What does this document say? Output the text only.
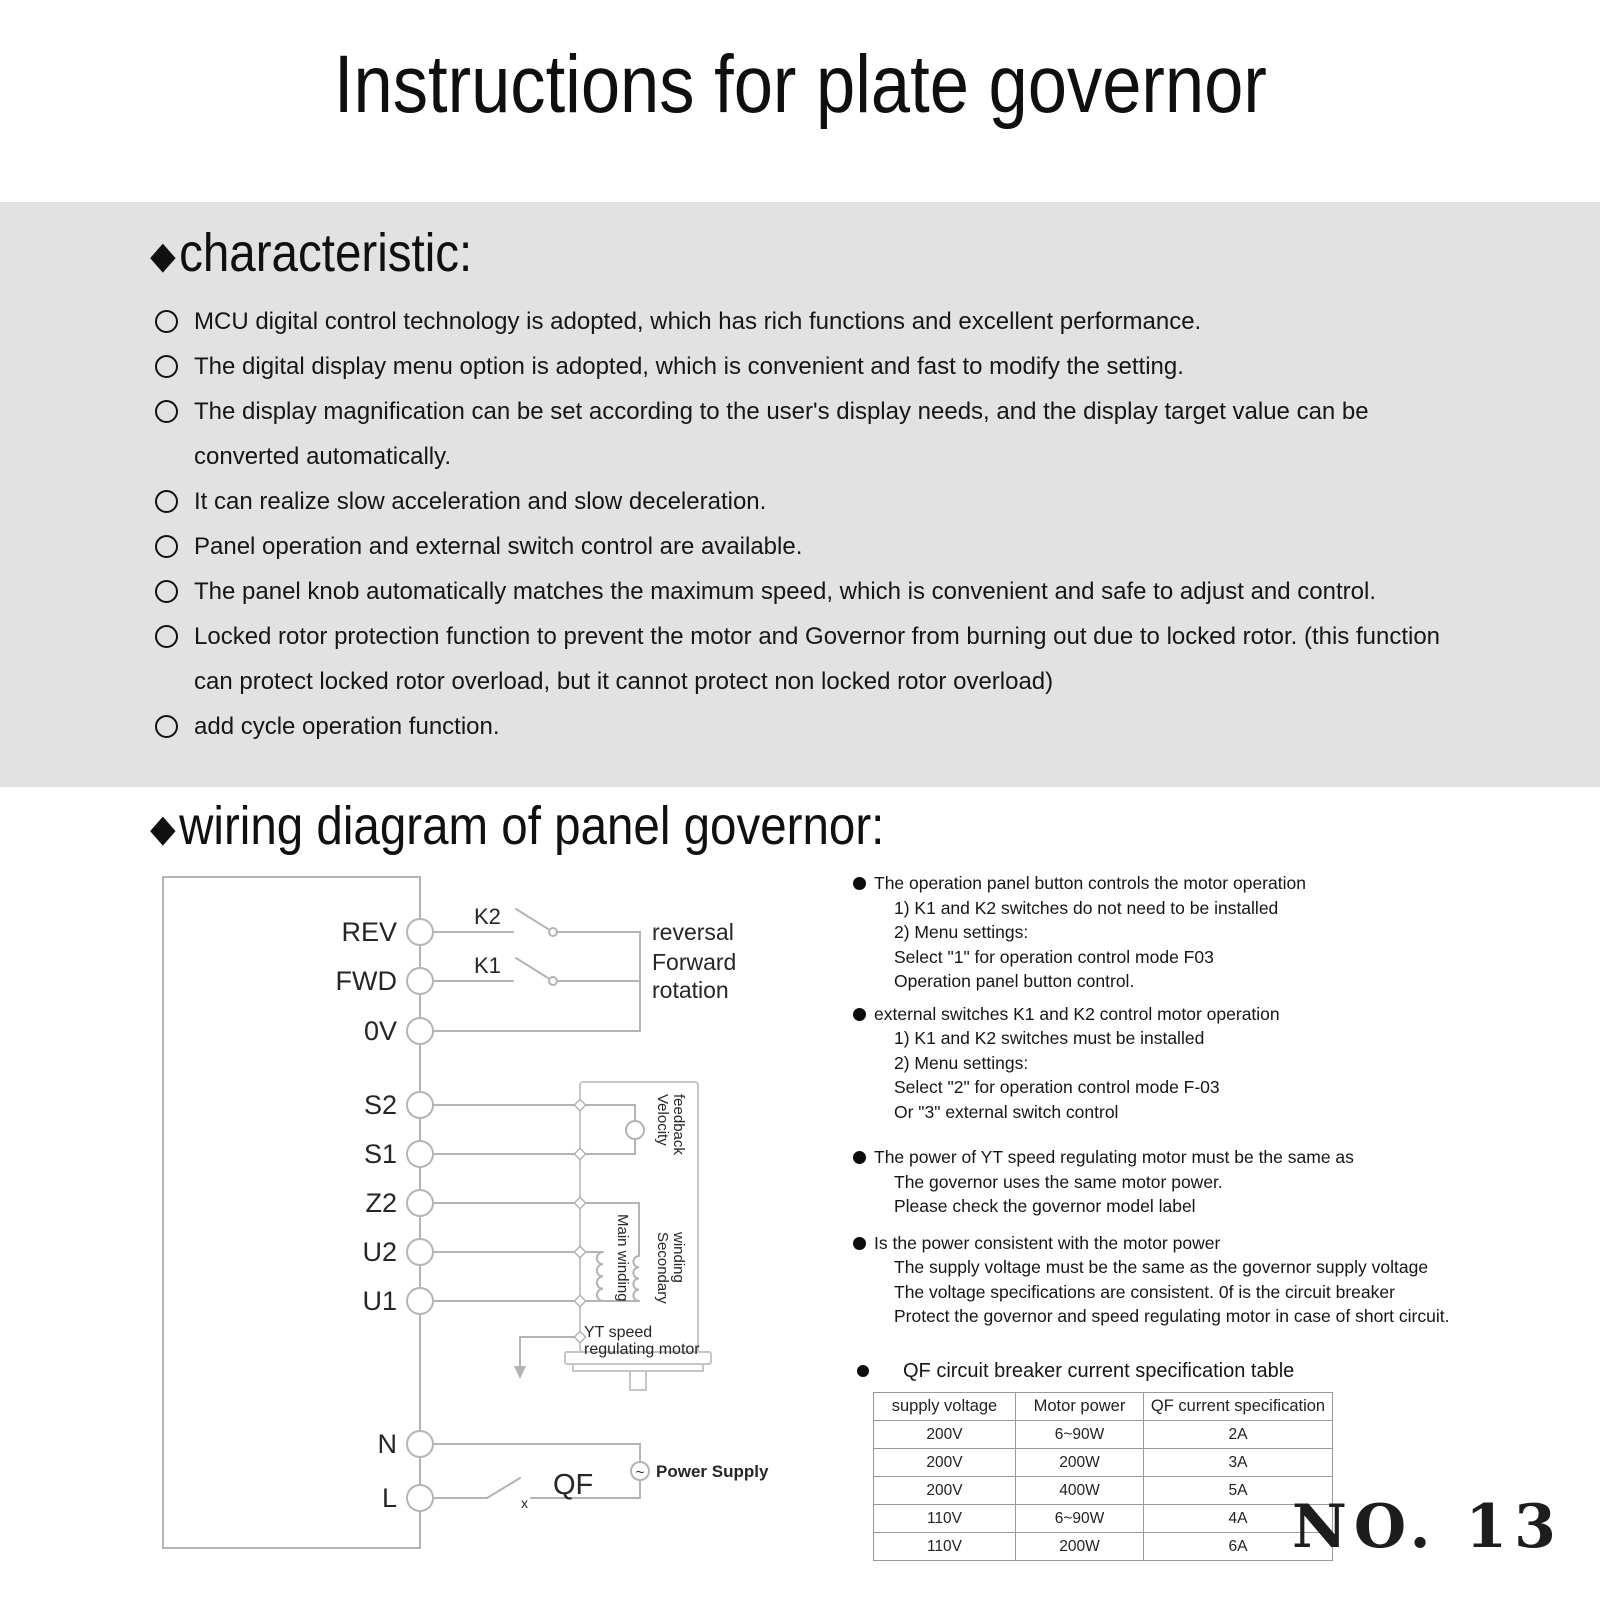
Instructions for plate governor
◆characteristic:
MCU digital control technology is adopted, which has rich functions and excellent performance.
The digital display menu option is adopted, which is convenient and fast to modify the setting.
The display magnification can be set according to the user's display needs, and the display target value can be converted automatically.
It can realize slow acceleration and slow deceleration.
Panel operation and external switch control are available.
The panel knob automatically matches the maximum speed, which is convenient and safe to adjust and control.
Locked rotor protection function to prevent the motor and Governor from burning out due to locked rotor. (this function can protect locked rotor overload, but it cannot protect non locked rotor overload)
add cycle operation function.
◆wiring diagram of panel governor:
~
REV
FWD
0V
S2
S1
Z2
U2
U1
N
L
K2
K1
reversal
Forward
rotation
Velocity feedback
Main winding Secondary winding
YT speed
regulating motor
QF
x
Power Supply
The operation panel button controls the motor operation
1) K1 and K2 switches do not need to be installed
2) Menu settings:
Select "1" for operation control mode F03
Operation panel button control.
external switches K1 and K2 control motor operation
1) K1 and K2 switches must be installed
2) Menu settings:
Select "2" for operation control mode F-03
Or "3" external switch control
The power of YT speed regulating motor must be the same as
The governor uses the same motor power.
Please check the governor model label
Is the power consistent with the motor power
The supply voltage must be the same as the governor supply voltage
The voltage specifications are consistent. 0f is the circuit breaker
Protect the governor and speed regulating motor in case of short circuit.
QF circuit breaker current specification table
supply voltage	Motor power	QF current specification
200V	6~90W	2A
200V	200W	3A
200V	400W	5A
110V	6~90W	4A
110V	200W	6A NO. 13
